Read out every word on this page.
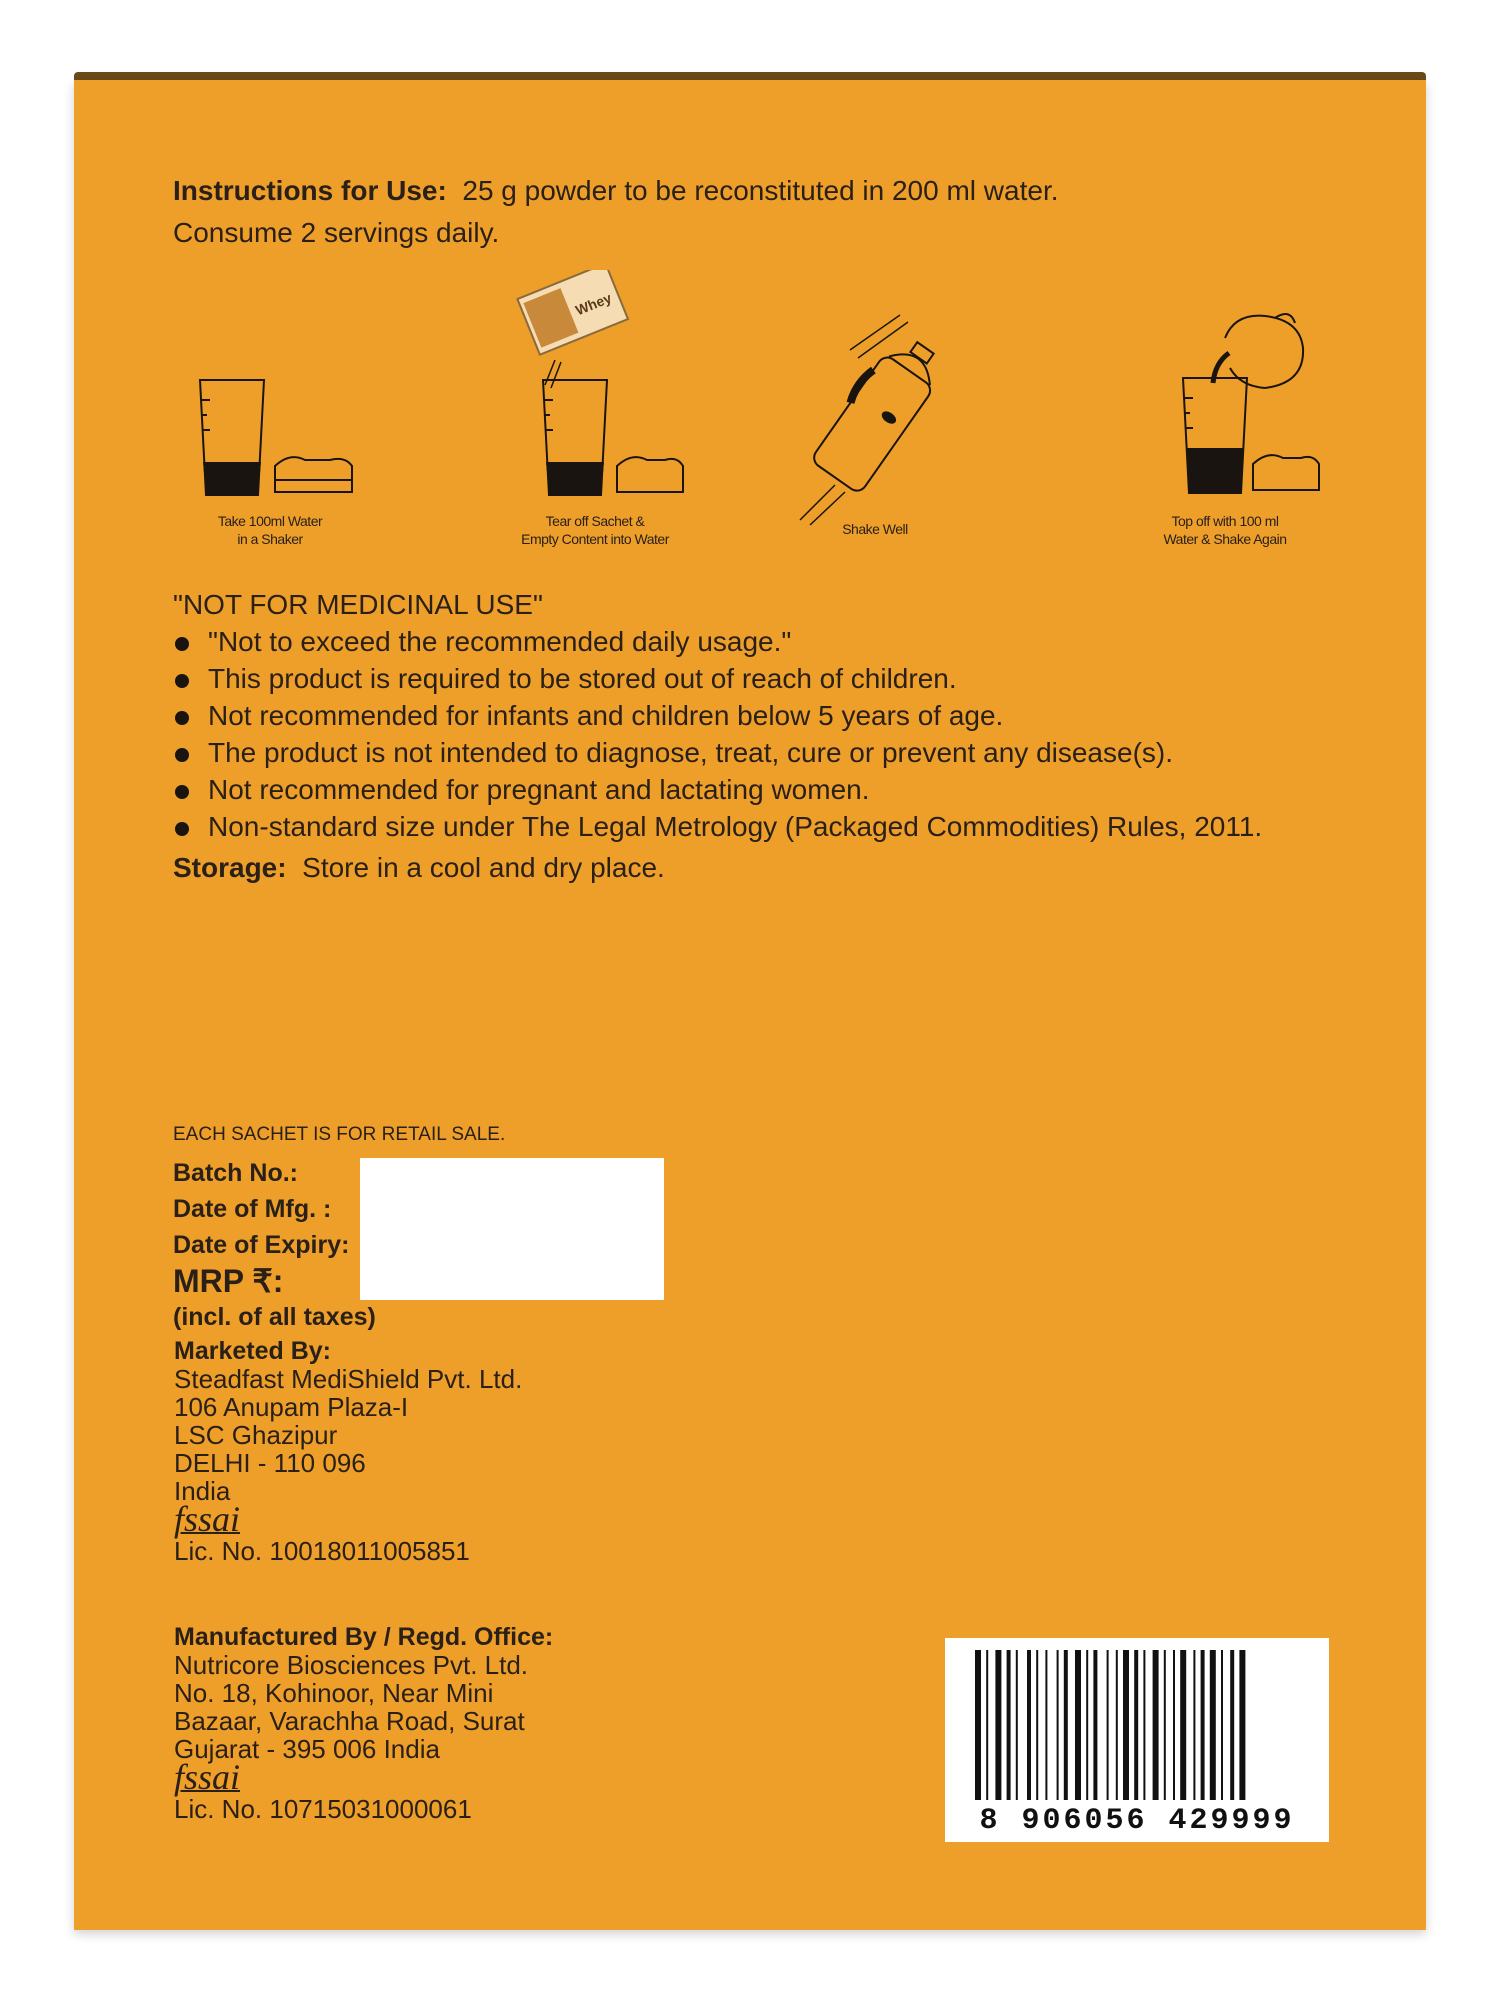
Instructions for Use: 25 g powder to be reconstituted in 200 ml water.
Consume 2 servings daily.
Take 100ml Water
in a Shaker
Whey
Tear off Sachet &
Empty Content into Water
Shake Well	Top off with 100 ml
Water & Shake Again
"NOT FOR MEDICINAL USE"
"Not to exceed the recommended daily usage."
This product is required to be stored out of reach of children.
Not recommended for infants and children below 5 years of age.
The product is not intended to diagnose, treat, cure or prevent any disease(s).
Not recommended for pregnant and lactating women.
Non-standard size under The Legal Metrology (Packaged Commodities) Rules, 2011.
Storage: Store in a cool and dry place.
EACH SACHET IS FOR RETAIL SALE.
Batch No.:
Date of Mfg. :
Date of Expiry:
MRP ₹:
(incl. of all taxes)
Marketed By:
Steadfast MediShield Pvt. Ltd.
106 Anupam Plaza-I
LSC Ghazipur
DELHI - 110 096
India
fssai
Lic. No. 10018011005851
Manufactured By / Regd. Office:
Nutricore Biosciences Pvt. Ltd.
No. 18, Kohinoor, Near Mini
Bazaar, Varachha Road, Surat
Gujarat - 395 006 India
fssai
Lic. No. 10715031000061	8 906056 429999
